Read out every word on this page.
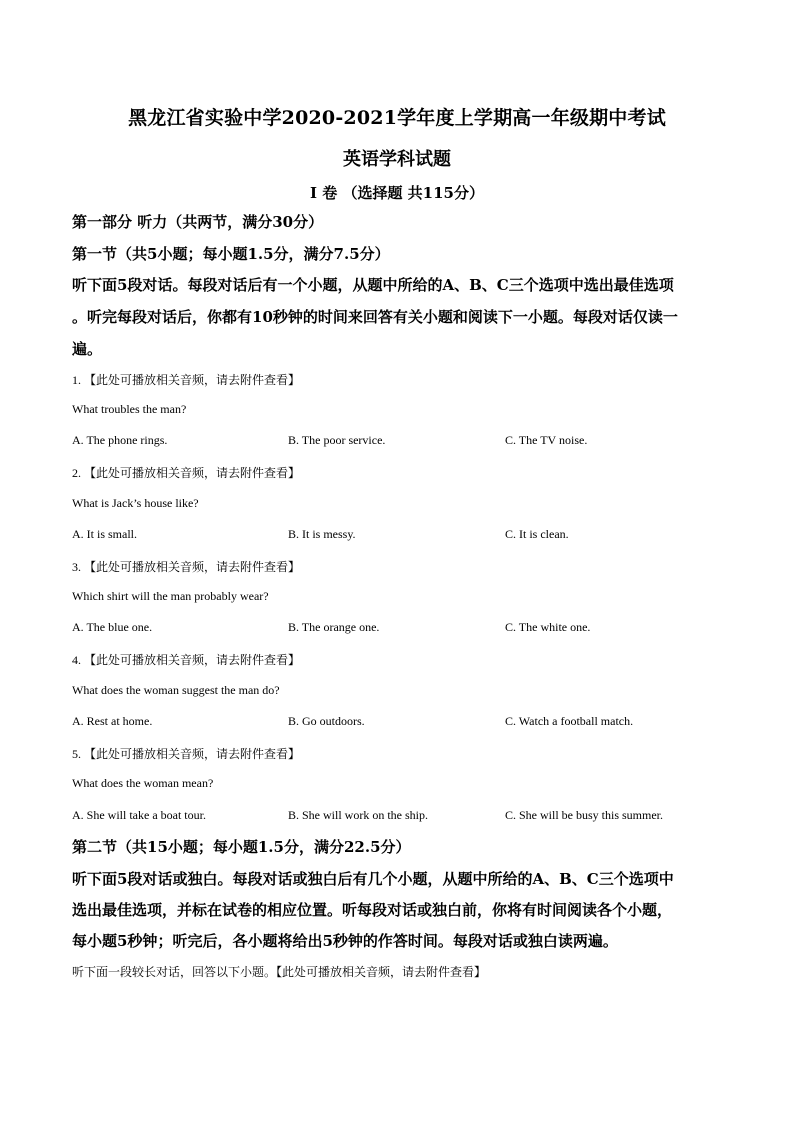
黑龙江省实验中学2020-2021学年度上学期高一年级期中考试
英语学科试题
I 卷 （选择题 共115分）
第一部分 听力（共两节，满分30分）
第一节（共5小题；每小题1.5分，满分7.5分）
听下面5段对话。每段对话后有一个小题，从题中所给的A、B、C三个选项中选出最佳选项
。听完每段对话后，你都有10秒钟的时间来回答有关小题和阅读下一小题。每段对话仅读一
遍。
1. 【此处可播放相关音频，请去附件查看】
What troubles the man?
A. The phone rings.	B. The poor service.	C. The TV noise.
2. 【此处可播放相关音频，请去附件查看】
What is Jack’s house like?
A. It is small.	B. It is messy.	C. It is clean.
3. 【此处可播放相关音频，请去附件查看】
Which shirt will the man probably wear?
A. The blue one.	B. The orange one.	C. The white one.
4. 【此处可播放相关音频，请去附件查看】
What does the woman suggest the man do?
A. Rest at home.	B. Go outdoors.	C. Watch a football match.
5. 【此处可播放相关音频，请去附件查看】
What does the woman mean?
A. She will take a boat tour.	B. She will work on the ship.	C. She will be busy this summer.
第二节（共15小题；每小题1.5分，满分22.5分）
听下面5段对话或独白。每段对话或独白后有几个小题，从题中所给的A、B、C三个选项中
选出最佳选项，并标在试卷的相应位置。听每段对话或独白前，你将有时间阅读各个小题，
每小题5秒钟；听完后，各小题将给出5秒钟的作答时间。每段对话或独白读两遍。
听下面一段较长对话，回答以下小题。【此处可播放相关音频，请去附件查看】
